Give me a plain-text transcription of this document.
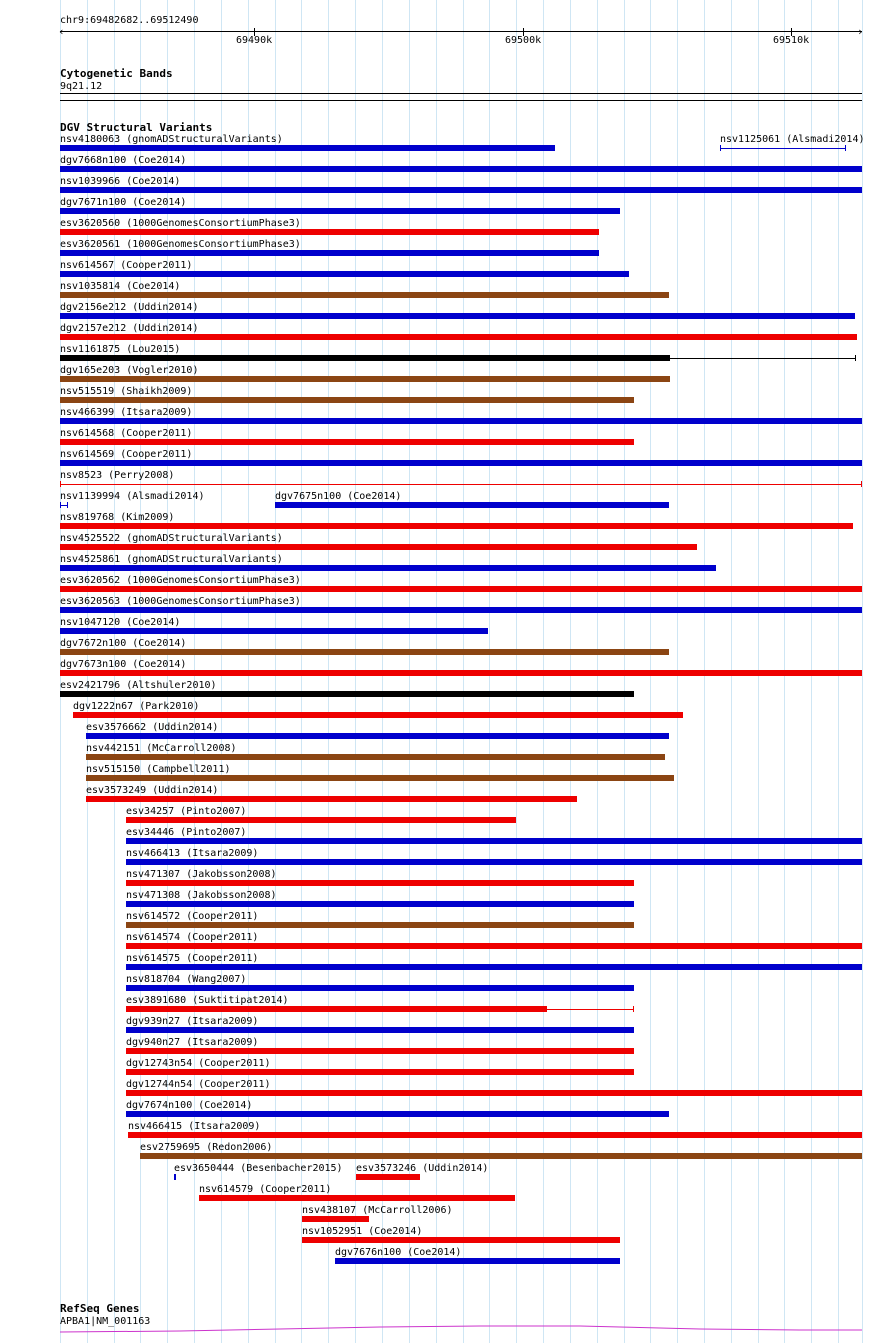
chr9:69482682..69512490
‹	›
69490k	69500k	69510k
Cytogenetic Bands
9q21.12
DGV Structural Variants
nsv4180063 (gnomADStructuralVariants)	nsv1125061 (Alsmadi2014)
dgv7668n100 (Coe2014)
nsv1039966 (Coe2014)
dgv7671n100 (Coe2014)
esv3620560 (1000GenomesConsortiumPhase3)
esv3620561 (1000GenomesConsortiumPhase3)
nsv614567 (Cooper2011)
nsv1035814 (Coe2014)
dgv2156e212 (Uddin2014)
dgv2157e212 (Uddin2014)
nsv1161875 (Lou2015)
dgv165e203 (Vogler2010)
nsv515519 (Shaikh2009)
nsv466399 (Itsara2009)
nsv614568 (Cooper2011)
nsv614569 (Cooper2011)
nsv8523 (Perry2008)
nsv1139994 (Alsmadi2014)	dgv7675n100 (Coe2014)
nsv819768 (Kim2009)
nsv4525522 (gnomADStructuralVariants)
nsv4525861 (gnomADStructuralVariants)
esv3620562 (1000GenomesConsortiumPhase3)
esv3620563 (1000GenomesConsortiumPhase3)
nsv1047120 (Coe2014)
dgv7672n100 (Coe2014)
dgv7673n100 (Coe2014)
esv2421796 (Altshuler2010)
dgv1222n67 (Park2010)
esv3576662 (Uddin2014)
nsv442151 (McCarroll2008)
nsv515150 (Campbell2011)
esv3573249 (Uddin2014)
esv34257 (Pinto2007)
esv34446 (Pinto2007)
nsv466413 (Itsara2009)
nsv471307 (Jakobsson2008)
nsv471308 (Jakobsson2008)
nsv614572 (Cooper2011)
nsv614574 (Cooper2011)
nsv614575 (Cooper2011)
nsv818704 (Wang2007)
esv3891680 (Suktitipat2014)
dgv939n27 (Itsara2009)
dgv940n27 (Itsara2009)
dgv12743n54 (Cooper2011)
dgv12744n54 (Cooper2011)
dgv7674n100 (Coe2014)
nsv466415 (Itsara2009)
esv2759695 (Redon2006)
esv3650444 (Besenbacher2015) esv3573246 (Uddin2014)
nsv614579 (Cooper2011)
nsv438107 (McCarroll2006)
nsv1052951 (Coe2014)
dgv7676n100 (Coe2014)
RefSeq Genes
APBA1|NM_001163
